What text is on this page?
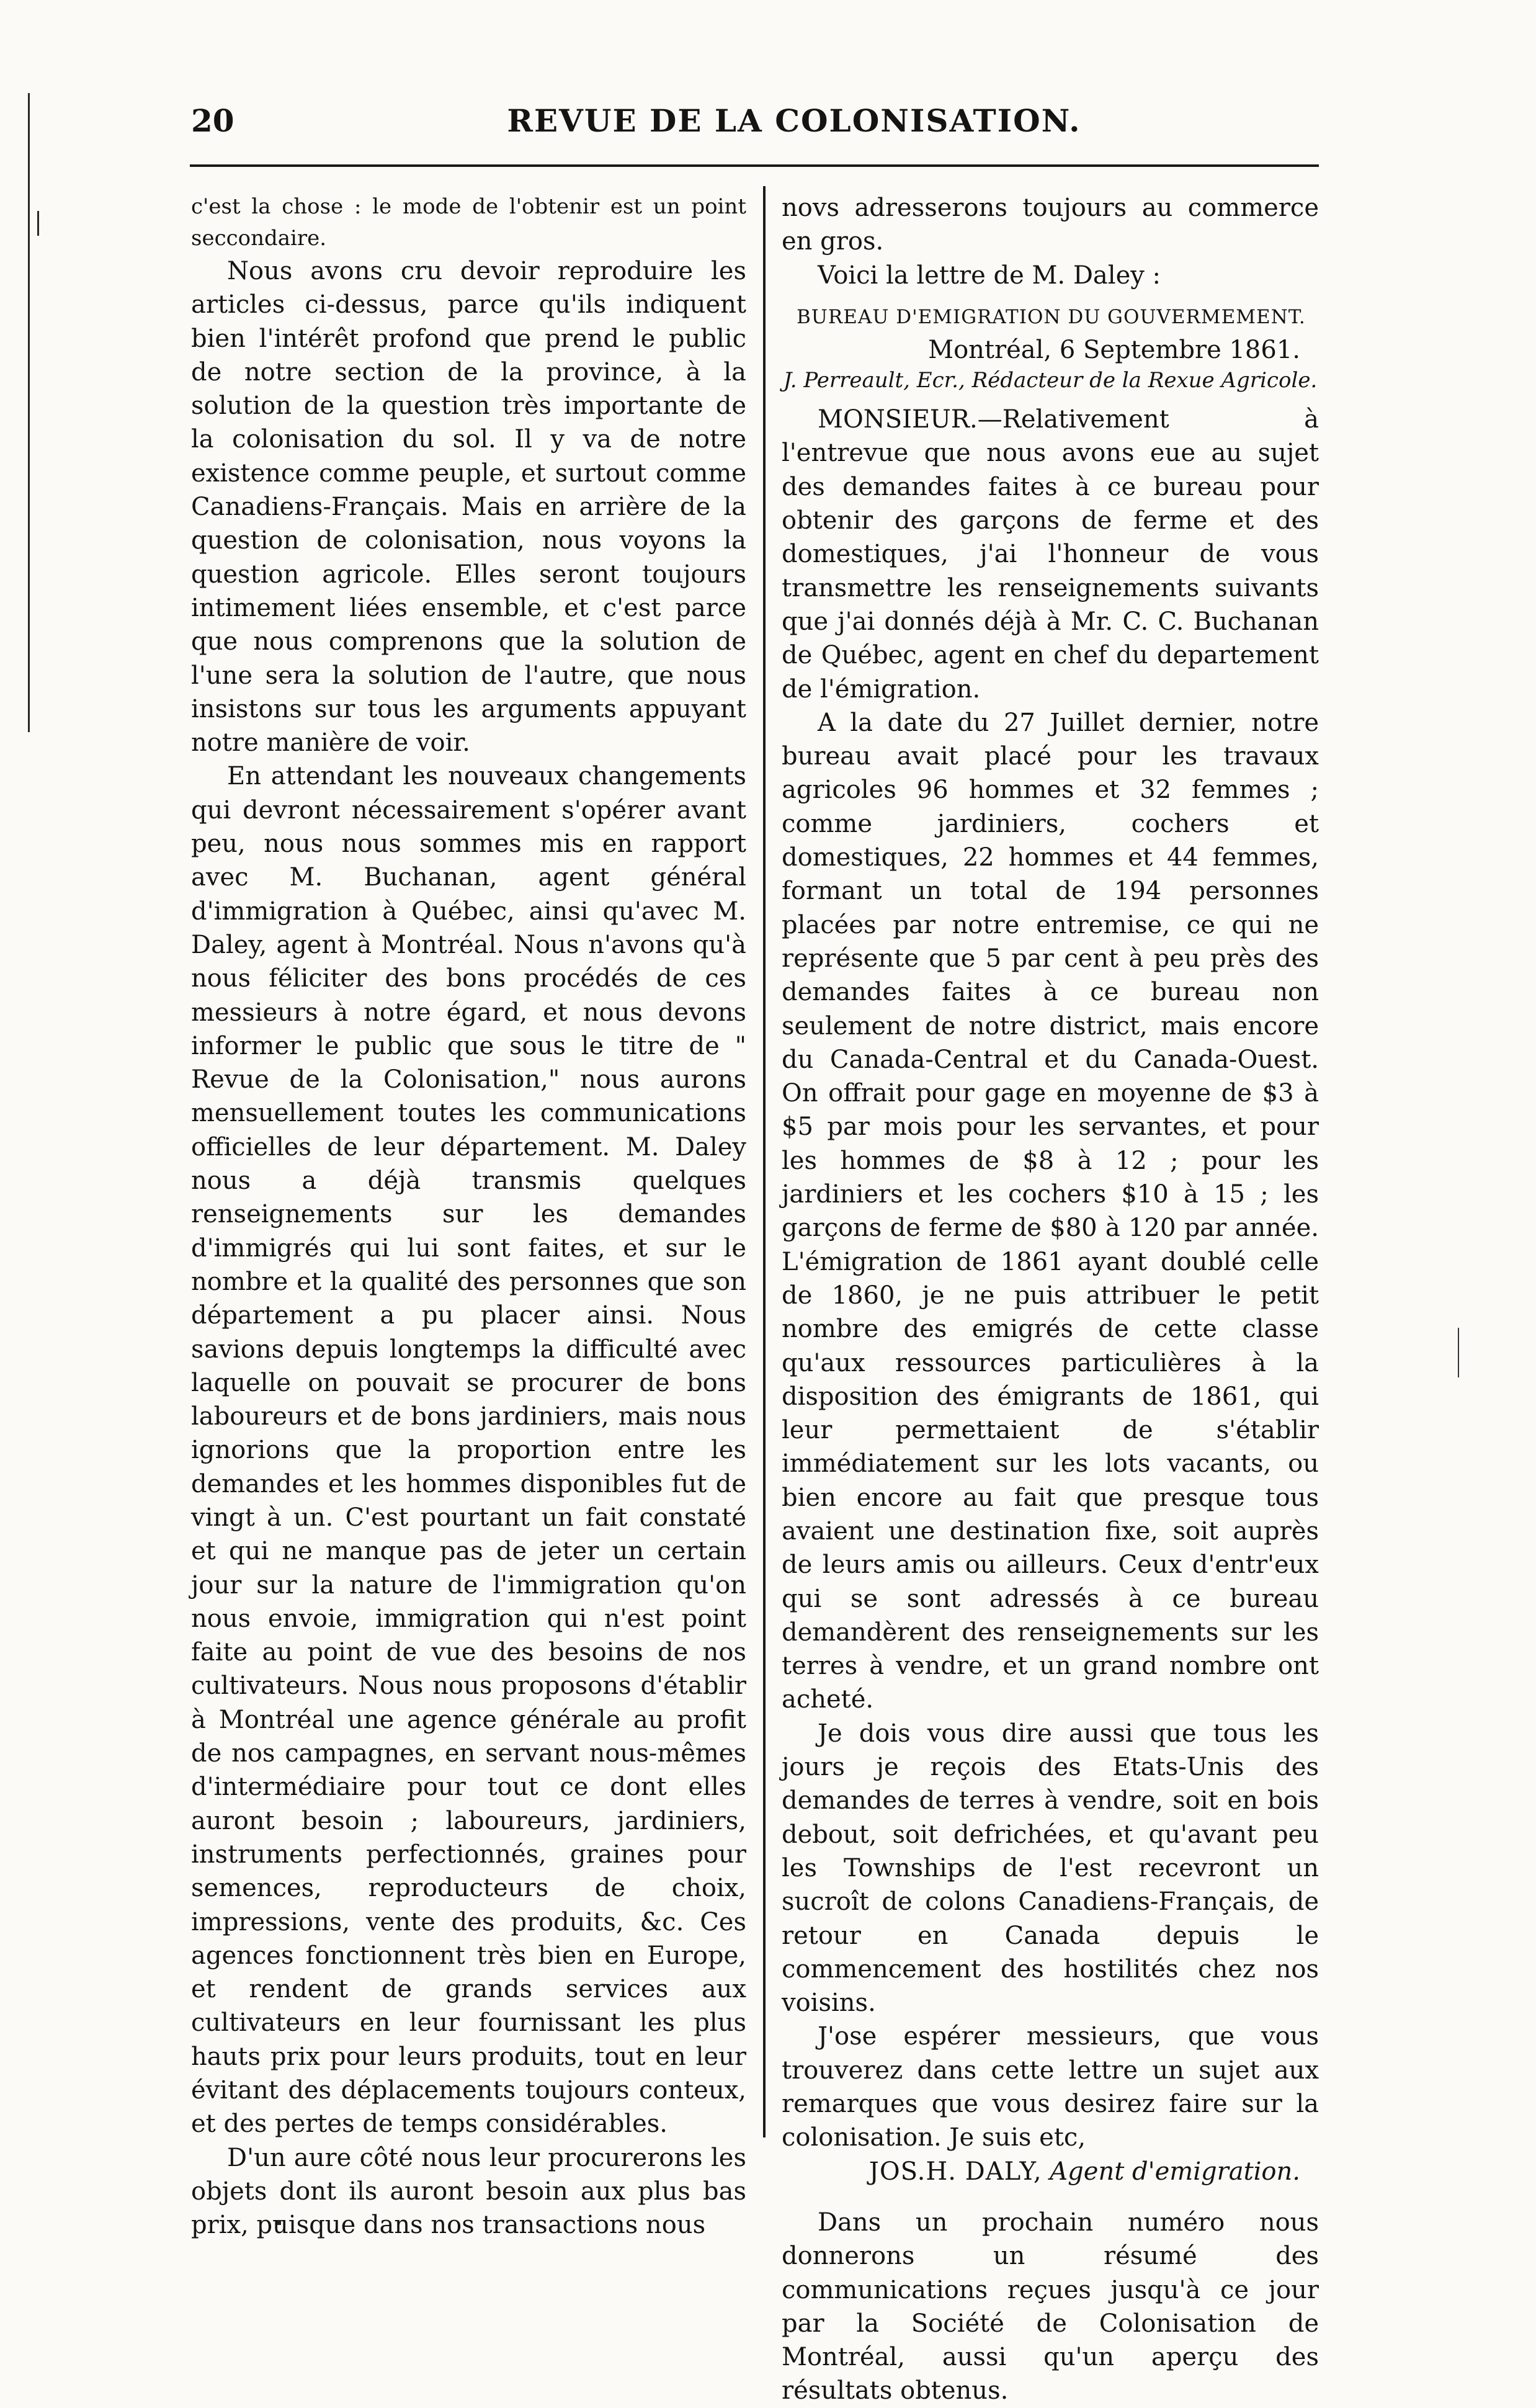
20	REVUE DE LA COLONISATION.

c'est la chose : le mode de l'obtenir est un point seccondaire.

Nous avons cru devoir reproduire les articles ci-dessus, parce qu'ils indiquent bien l'intérêt profond que prend le public de notre section de la province, à la solution de la question très importante de la colonisation du sol. Il y va de notre existence comme peuple, et surtout comme Canadiens-Français. Mais en arrière de la question de colonisation, nous voyons la question agricole. Elles seront toujours intimement liées ensemble, et c'est parce que nous comprenons que la solution de l'une sera la solution de l'autre, que nous insistons sur tous les arguments appuyant notre manière de voir.

En attendant les nouveaux changements qui devront nécessairement s'opérer avant peu, nous nous sommes mis en rapport avec M. Buchanan, agent général d'immigration à Québec, ainsi qu'avec M. Daley, agent à Montréal. Nous n'avons qu'à nous féliciter des bons procédés de ces messieurs à notre égard, et nous devons informer le public que sous le titre de " Revue de la Colonisation," nous aurons mensuellement toutes les communications officielles de leur département. M. Daley nous a déjà transmis quelques renseignements sur les demandes d'immigrés qui lui sont faites, et sur le nombre et la qualité des personnes que son département a pu placer ainsi. Nous savions depuis longtemps la difficulté avec laquelle on pouvait se procurer de bons laboureurs et de bons jardiniers, mais nous ignorions que la proportion entre les demandes et les hommes disponibles fut de vingt à un. C'est pourtant un fait constaté et qui ne manque pas de jeter un certain jour sur la nature de l'immigration qu'on nous envoie, immigration qui n'est point faite au point de vue des besoins de nos cultivateurs. Nous nous proposons d'établir à Montréal une agence générale au profit de nos campagnes, en servant nous-mêmes d'intermédiaire pour tout ce dont elles auront besoin ; laboureurs, jardiniers, instruments perfectionnés, graines pour semences, reproducteurs de choix, impressions, vente des produits, &c. Ces agences fonctionnent très bien en Europe, et rendent de grands services aux cultivateurs en leur fournissant les plus hauts prix pour leurs produits, tout en leur évitant des déplacements toujours conteux, et des pertes de temps considérables.

D'un aure côté nous leur procurerons les objets dont ils auront besoin aux plus bas prix, puisque dans nos transactions nous

novs adresserons toujours au commerce en gros.

Voici la lettre de M. Daley :

BUREAU D'EMIGRATION DU GOUVERMEMENT.

Montréal, 6 Septembre 1861.

J. Perreault, Ecr., Rédacteur de la Rexue Agricole.

MONSIEUR.—Relativement à l'entrevue que nous avons eue au sujet des demandes faites à ce bureau pour obtenir des garçons de ferme et des domestiques, j'ai l'honneur de vous transmettre les renseignements suivants que j'ai donnés déjà à Mr. C. C. Buchanan de Québec, agent en chef du departement de l'émigration.

A la date du 27 Juillet dernier, notre bureau avait placé pour les travaux agricoles 96 hommes et 32 femmes ; comme jardiniers, cochers et domestiques, 22 hommes et 44 femmes, formant un total de 194 personnes placées par notre entremise, ce qui ne représente que 5 par cent à peu près des demandes faites à ce bureau non seulement de notre district, mais encore du Canada-Central et du Canada-Ouest. On offrait pour gage en moyenne de $3 à $5 par mois pour les servantes, et pour les hommes de $8 à 12 ; pour les jardiniers et les cochers $10 à 15 ; les garçons de ferme de $80 à 120 par année. L'émigration de 1861 ayant doublé celle de 1860, je ne puis attribuer le petit nombre des emigrés de cette classe qu'aux ressources particulières à la disposition des émigrants de 1861, qui leur permettaient de s'établir immédiatement sur les lots vacants, ou bien encore au fait que presque tous avaient une destination fixe, soit auprès de leurs amis ou ailleurs. Ceux d'entr'eux qui se sont adressés à ce bureau demandèrent des renseignements sur les terres à vendre, et un grand nombre ont acheté.

Je dois vous dire aussi que tous les jours je reçois des Etats-Unis des demandes de terres à vendre, soit en bois debout, soit defrichées, et qu'avant peu les Townships de l'est recevront un sucroît de colons Canadiens-Français, de retour en Canada depuis le commencement des hostilités chez nos voisins.

J'ose espérer messieurs, que vous trouverez dans cette lettre un sujet aux remarques que vous desirez faire sur la colonisation. Je suis etc,

JOS.H. DALY, Agent d'emigration.

Dans un prochain numéro nous donnerons un résumé des communications reçues jusqu'à ce jour par la Société de Colonisation de Montréal, aussi qu'un aperçu des résultats obtenus.
